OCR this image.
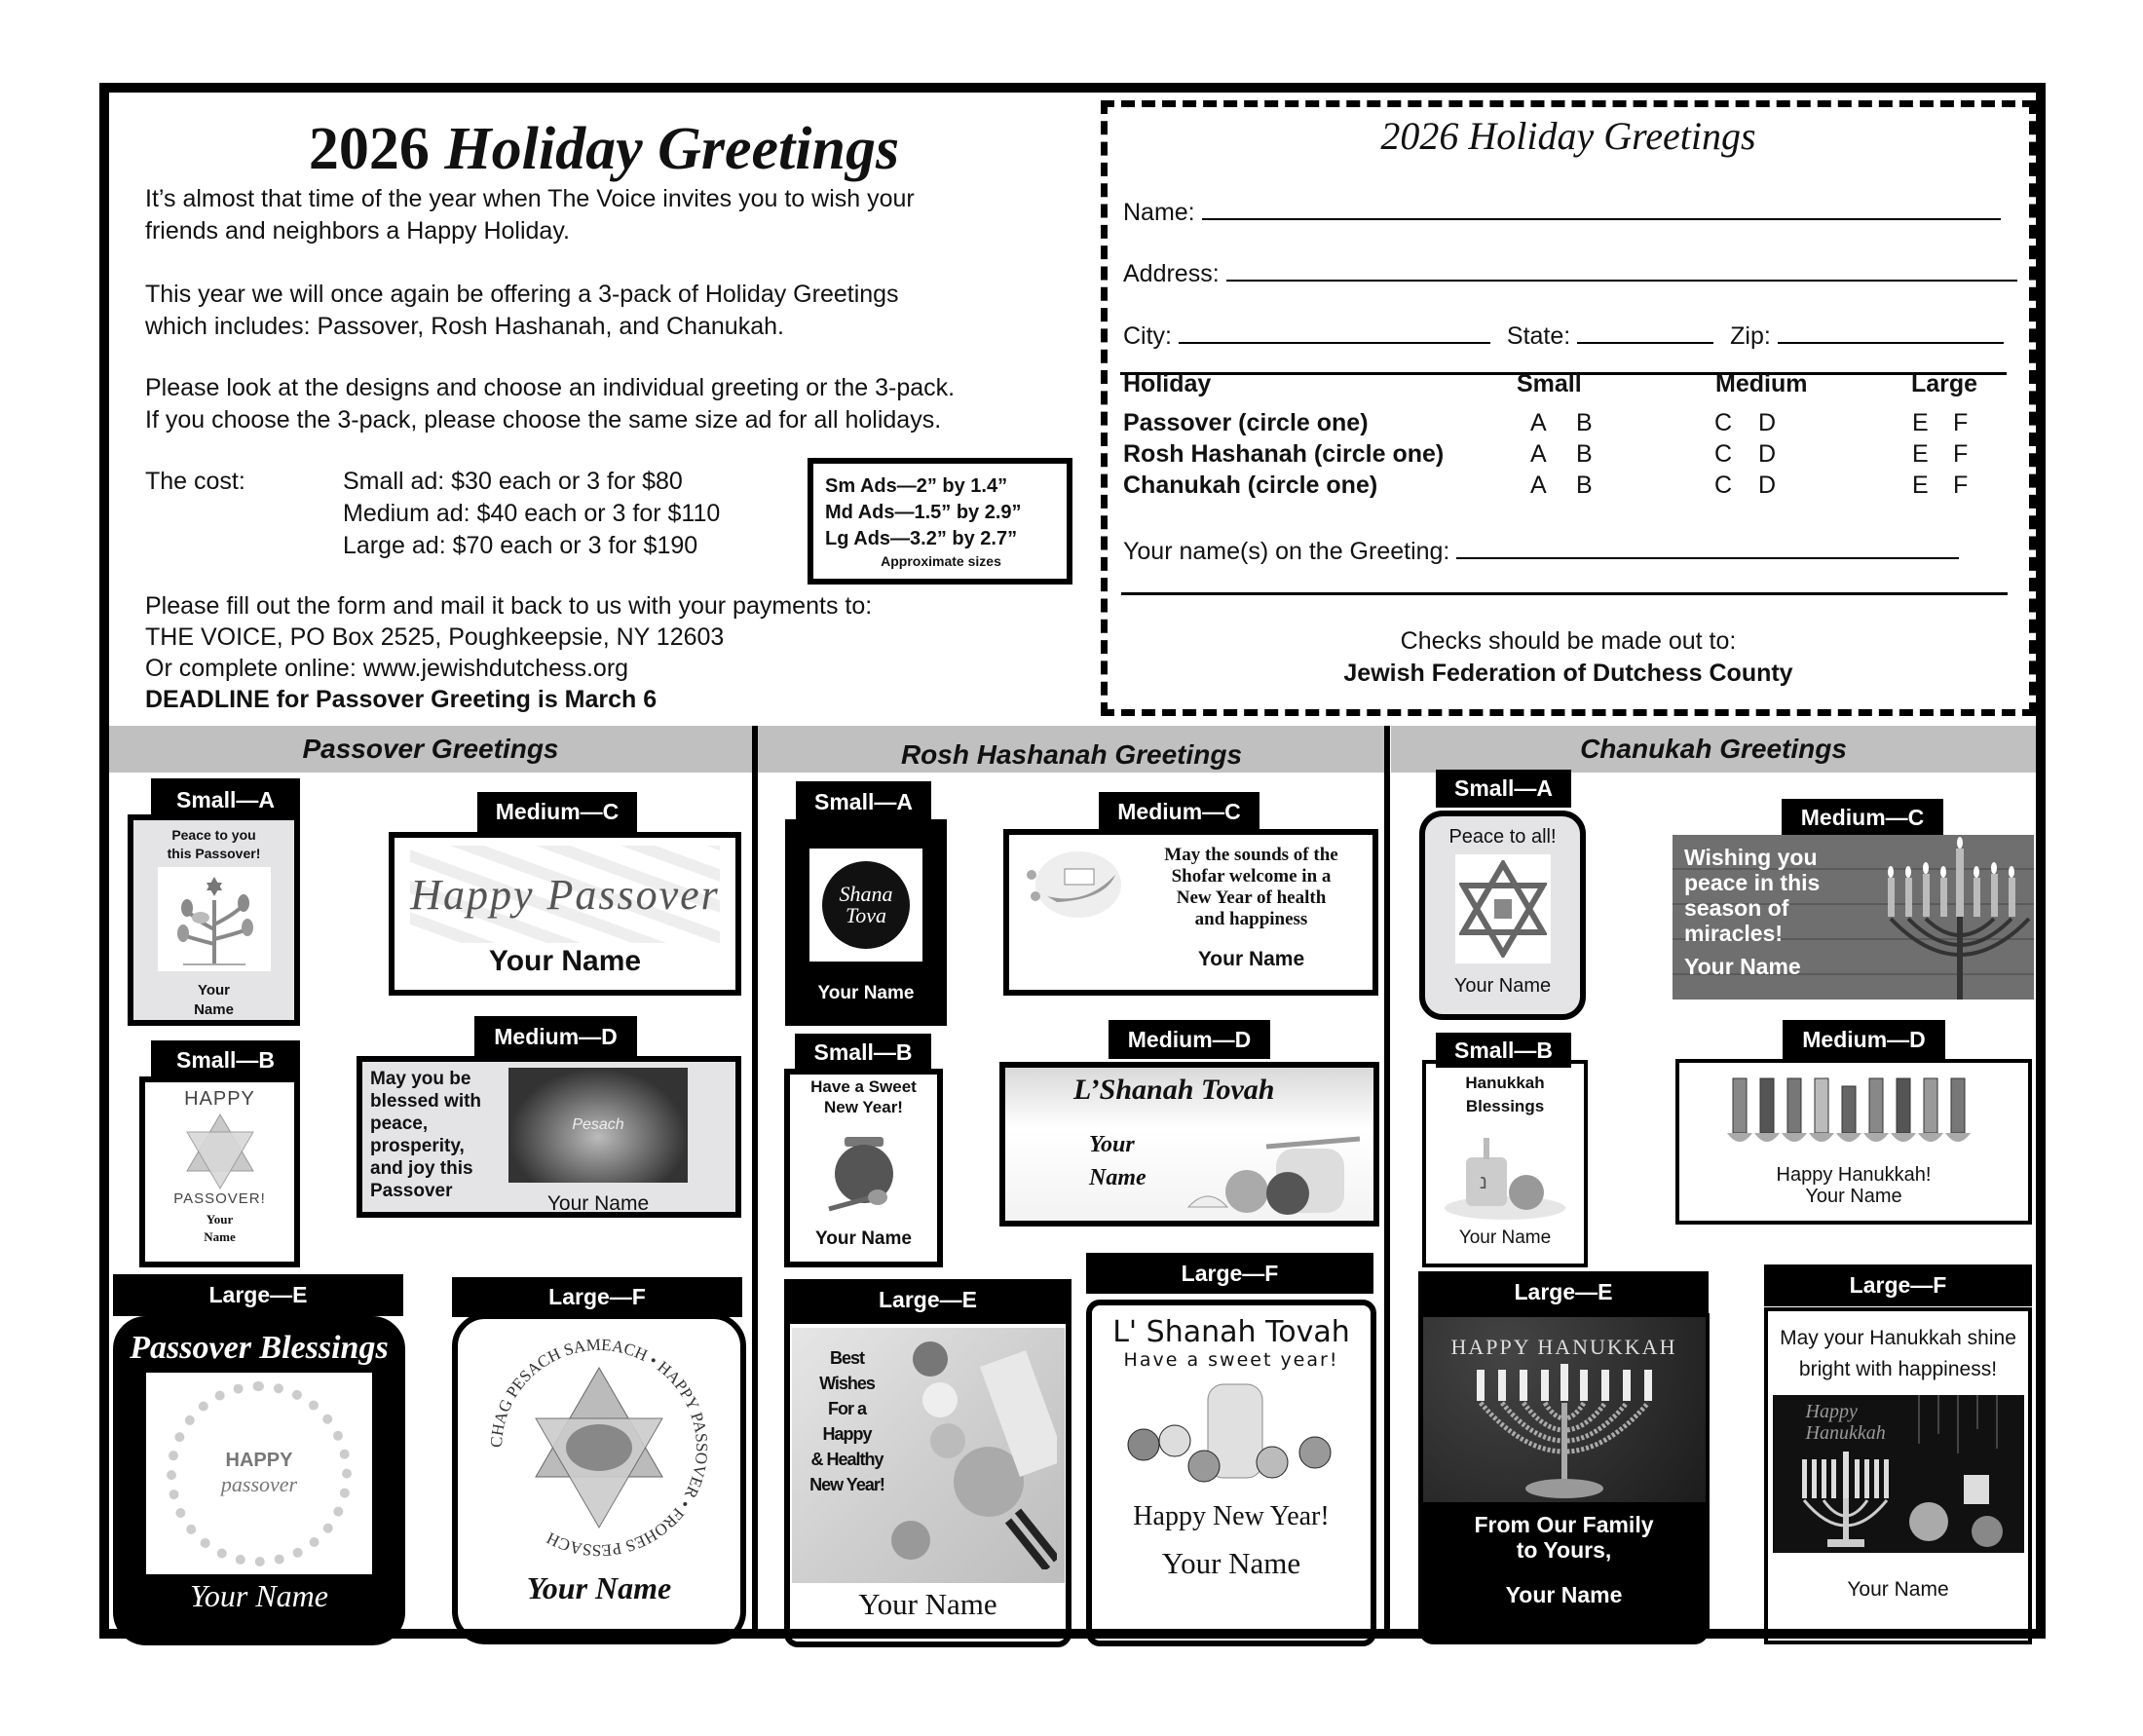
2026 Holiday Greetings
It’s almost that time of the year when The Voice invites you to wish your
friends and neighbors a Happy Holiday.
This year we will once again be offering a 3-pack of Holiday Greetings
which includes: Passover, Rosh Hashanah, and Chanukah.
Please look at the designs and choose an individual greeting or the 3-pack.
If you choose the 3-pack, please choose the same size ad for all holidays.
The cost:	Small ad: $30 each or 3 for $80
Medium ad: $40 each or 3 for $110
Large ad: $70 each or 3 for $190
Sm Ads—2” by 1.4”
Md Ads—1.5” by 2.9”
Lg Ads—3.2” by 2.7”
Approximate sizes
Please fill out the form and mail it back to us with your payments to:
THE VOICE, PO Box 2525, Poughkeepsie, NY 12603
Or complete online: www.jewishdutchess.org
DEADLINE for Passover Greeting is March 6
2026 Holiday Greetings
Name:
Address:
City:	State:	Zip:
Holiday	Small	Medium	Large
Passover (circle one)	A B	C D	E F
Rosh Hashanah (circle one)	A B	C D	E F
Chanukah (circle one)	A B	C D	E F
Your name(s) on the Greeting:
Checks should be made out to:
Jewish Federation of Dutchess County
Passover Greetings	Rosh Hashanah Greetings	Chanukah Greetings
Small—A
Peace to you
this Passover!
Your
Name
Medium—C
Happy Passover
Your Name
Small—B
HAPPY
PASSOVER!
Your
Name
Medium—D
May you be
blessed with
peace,
prosperity,
and joy this
Passover
Pesach
Your Name
Large—E
Passover Blessings
HAPPY
passover
Your Name
Large—F
CHAG PESACH SAMEACH • HAPPY PASSOVER • FROHES PESSACH
Your Name
Small—A
Shana Tova
Your Name
Medium—C
May the sounds of the
Shofar welcome in a
New Year of health
and happiness
Your Name
Small—B
Have a Sweet
New Year!
Your Name
Medium—D
L’Shanah Tovah
Your
Name
Large—E
Best Wishes
For a Happy
& Healthy
New Year!
Your Name
Large—F
L' Shanah Tovah
Have a sweet year!
Happy New Year!
Your Name
Small—A
Peace to all!
Your Name
Medium—C
Wishing you
peace in this
season of
miracles!
Your Name
Small—B
Hanukkah
Blessings
נ
Your Name
Medium—D
Happy Hanukkah!
Your Name
Large—E
HAPPY HANUKKAH
From Our Family
to Yours,
Your Name
Large—F
May your Hanukkah shine
bright with happiness!
Happy
Hanukkah
Your Name
